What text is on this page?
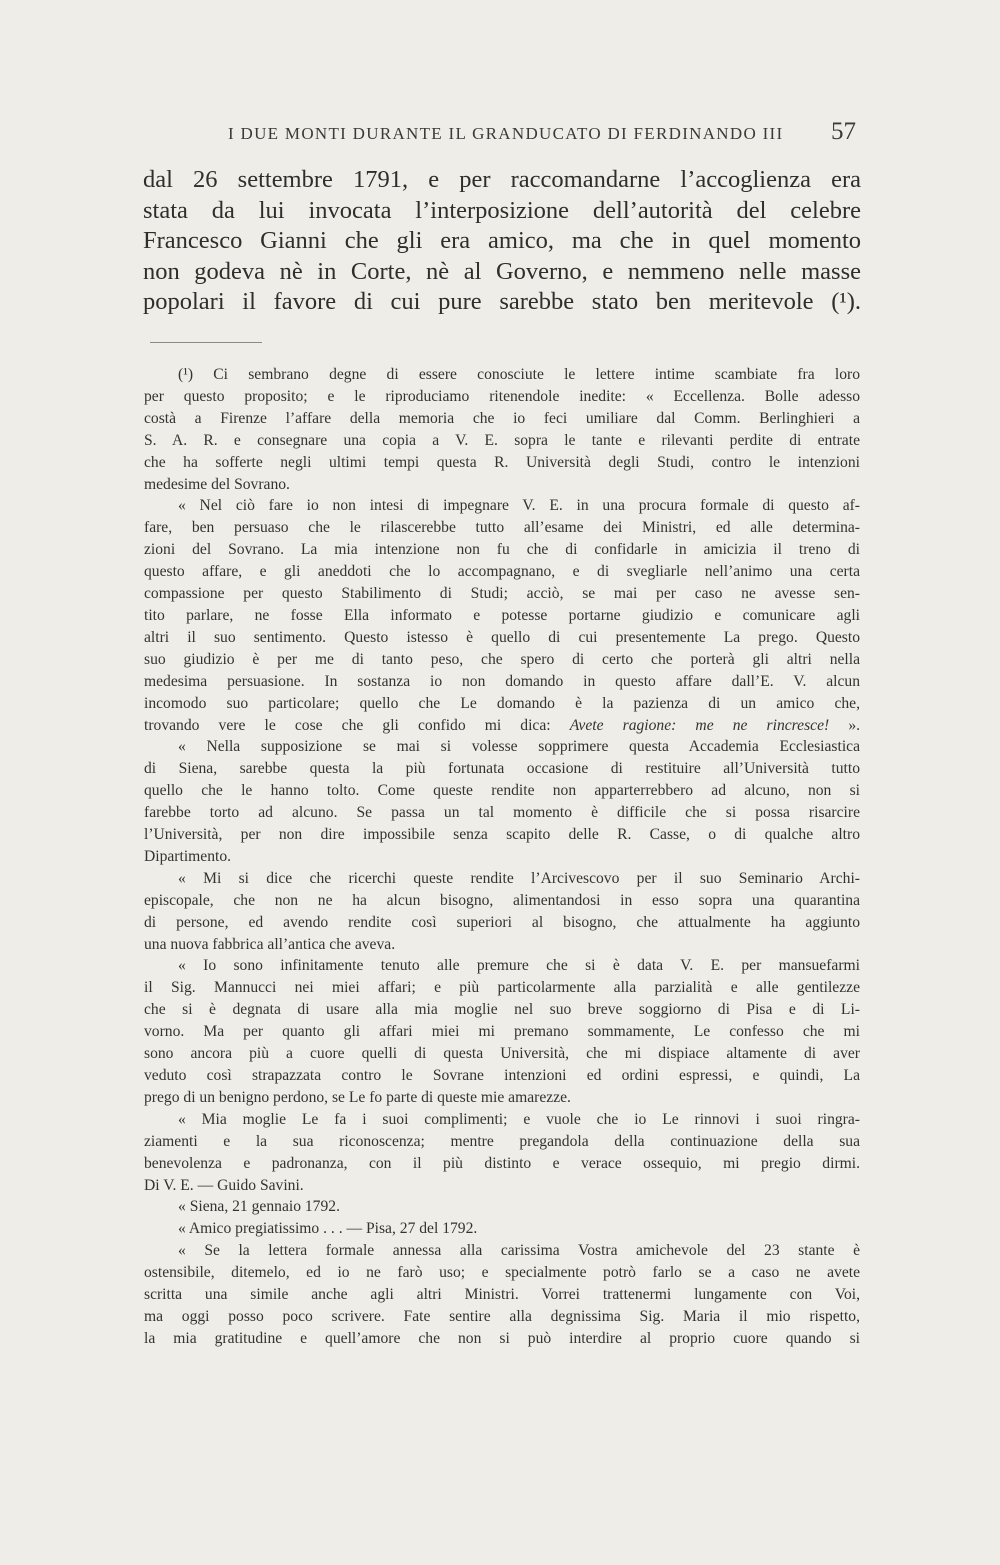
I DUE MONTI DURANTE IL GRANDUCATO DI FERDINANDO III 57
dal 26 settembre 1791, e per raccomandarne l’accoglienza era
stata da lui invocata l’interposizione dell’autorità del celebre
Francesco Gianni che gli era amico, ma che in quel momento
non godeva nè in Corte, nè al Governo, e nemmeno nelle masse
popolari il favore di cui pure sarebbe stato ben meritevole (¹).
(¹) Ci sembrano degne di essere conosciute le lettere intime scambiate fra loro
per questo proposito; e le riproduciamo ritenendole inedite: « Eccellenza. Bolle adesso
costà a Firenze l’affare della memoria che io feci umiliare dal Comm. Berlinghieri a
S. A. R. e consegnare una copia a V. E. sopra le tante e rilevanti perdite di entrate
che ha sofferte negli ultimi tempi questa R. Università degli Studi, contro le intenzioni
medesime del Sovrano.
« Nel ciò fare io non intesi di impegnare V. E. in una procura formale di questo af-
fare, ben persuaso che le rilascerebbe tutto all’esame dei Ministri, ed alle determina-
zioni del Sovrano. La mia intenzione non fu che di confidarle in amicizia il treno di
questo affare, e gli aneddoti che lo accompagnano, e di svegliarle nell’animo una certa
compassione per questo Stabilimento di Studi; acciò, se mai per caso ne avesse sen-
tito parlare, ne fosse Ella informato e potesse portarne giudizio e comunicare agli
altri il suo sentimento. Questo istesso è quello di cui presentemente La prego. Questo
suo giudizio è per me di tanto peso, che spero di certo che porterà gli altri nella
medesima persuasione. In sostanza io non domando in questo affare dall’E. V. alcun
incomodo suo particolare; quello che Le domando è la pazienza di un amico che,
trovando vere le cose che gli confido mi dica: Avete ragione: me ne rincresce! ».
« Nella supposizione se mai si volesse sopprimere questa Accademia Ecclesiastica
di Siena, sarebbe questa la più fortunata occasione di restituire all’Università tutto
quello che le hanno tolto. Come queste rendite non apparterrebbero ad alcuno, non si
farebbe torto ad alcuno. Se passa un tal momento è difficile che si possa risarcire
l’Università, per non dire impossibile senza scapito delle R. Casse, o di qualche altro
Dipartimento.
« Mi si dice che ricerchi queste rendite l’Arcivescovo per il suo Seminario Archi-
episcopale, che non ne ha alcun bisogno, alimentandosi in esso sopra una quarantina
di persone, ed avendo rendite così superiori al bisogno, che attualmente ha aggiunto
una nuova fabbrica all’antica che aveva.
« Io sono infinitamente tenuto alle premure che si è data V. E. per mansuefarmi
il Sig. Mannucci nei miei affari; e più particolarmente alla parzialità e alle gentilezze
che si è degnata di usare alla mia moglie nel suo breve soggiorno di Pisa e di Li-
vorno. Ma per quanto gli affari miei mi premano sommamente, Le confesso che mi
sono ancora più a cuore quelli di questa Università, che mi dispiace altamente di aver
veduto così strapazzata contro le Sovrane intenzioni ed ordini espressi, e quindi, La
prego di un benigno perdono, se Le fo parte di queste mie amarezze.
« Mia moglie Le fa i suoi complimenti; e vuole che io Le rinnovi i suoi ringra-
ziamenti e la sua riconoscenza; mentre pregandola della continuazione della sua
benevolenza e padronanza, con il più distinto e verace ossequio, mi pregio dirmi.
Di V. E. — Guido Savini.
« Siena, 21 gennaio 1792.
« Amico pregiatissimo . . . — Pisa, 27 del 1792.
« Se la lettera formale annessa alla carissima Vostra amichevole del 23 stante è
ostensibile, ditemelo, ed io ne farò uso; e specialmente potrò farlo se a caso ne avete
scritta una simile anche agli altri Ministri. Vorrei trattenermi lungamente con Voi,
ma oggi posso poco scrivere. Fate sentire alla degnissima Sig. Maria il mio rispetto,
la mia gratitudine e quell’amore che non si può interdire al proprio cuore quando si
